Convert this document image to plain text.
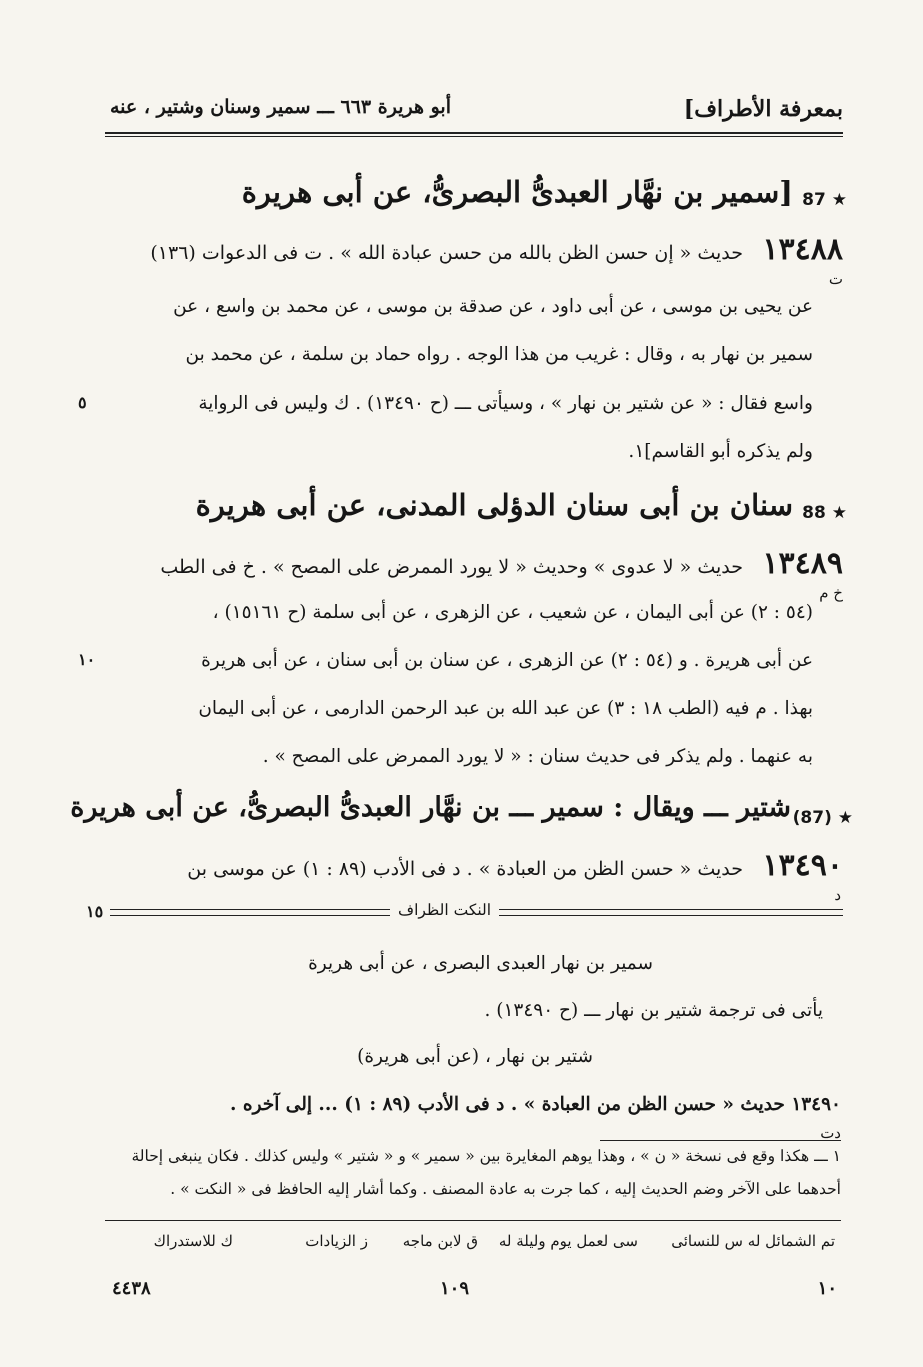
بمعرفة الأطراف]
أبو هريرة ٦٦٣ ـــ سمير وسنان وشتير ، عنه
87 ★
[سمير بن نهَّار العبدىُّ البصرىُّ، عن أبى هريرة
١٣٤٨٨
ت
حديث « إن حسن الظن بالله من حسن عبادة الله » . ت فى الدعوات (١٣٦)
عن يحيى بن موسى ، عن أبى داود ، عن صدقة بن موسى ، عن محمد بن واسع ، عن
سمير بن نهار به ، وقال : غريب من هذا الوجه . رواه حماد بن سلمة ، عن محمد بن
واسع فقال : « عن شتير بن نهار » ، وسيأتى ـــ (ح ١٣٤٩٠) . ك وليس فى الرواية
٥
ولم يذكره أبو القاسم]١.
88 ★
سنان بن أبى سنان الدؤلى المدنى، عن أبى هريرة
١٣٤٨٩
خ م
حديث « لا عدوى » وحديث « لا يورد الممرض على المصح » . خ فى الطب
(٥٤ : ٢) عن أبى اليمان ، عن شعيب ، عن الزهرى ، عن أبى سلمة (ح ١٥١٦١) ،
عن أبى هريرة . و (٥٤ : ٢) عن الزهرى ، عن سنان بن أبى سنان ، عن أبى هريرة
١٠
بهذا . م فيه (الطب ١٨ : ٣) عن عبد الله بن عبد الرحمن الدارمى ، عن أبى اليمان
به عنهما . ولم يذكر فى حديث سنان : « لا يورد الممرض على المصح » .
(87) ★
شتير ـــ ويقال : سمير ـــ بن نهَّار العبدىُّ البصرىُّ، عن أبى هريرة
١٣٤٩٠
د
حديث « حسن الظن من العبادة » . د فى الأدب (٨٩ : ١) عن موسى بن
النكت الظراف
١٥
سمير بن نهار العبدى البصرى ، عن أبى هريرة
يأتى فى ترجمة شتير بن نهار ـــ (ح ١٣٤٩٠) .
شتير بن نهار ، (عن أبى هريرة)
١٣٤٩٠ حديث « حسن الظن من العبادة » . د فى الأدب (٨٩ : ١) ... إلى آخره .
دت
١ ـــ هكذا وقع فى نسخة « ن » ، وهذا يوهم المغايرة بين « سمير » و « شتير » وليس كذلك . فكان ينبغى إحالة
أحدهما على الآخر وضم الحديث إليه ، كما جرت به عادة المصنف . وكما أشار إليه الحافظ فى « النكت » .
تم الشمائل له
س للنسائى
سى لعمل يوم وليلة له
ق لابن ماجه
ز الزيادات
ك للاستدراك
١٠
١٠٩
٤٤٣٨
